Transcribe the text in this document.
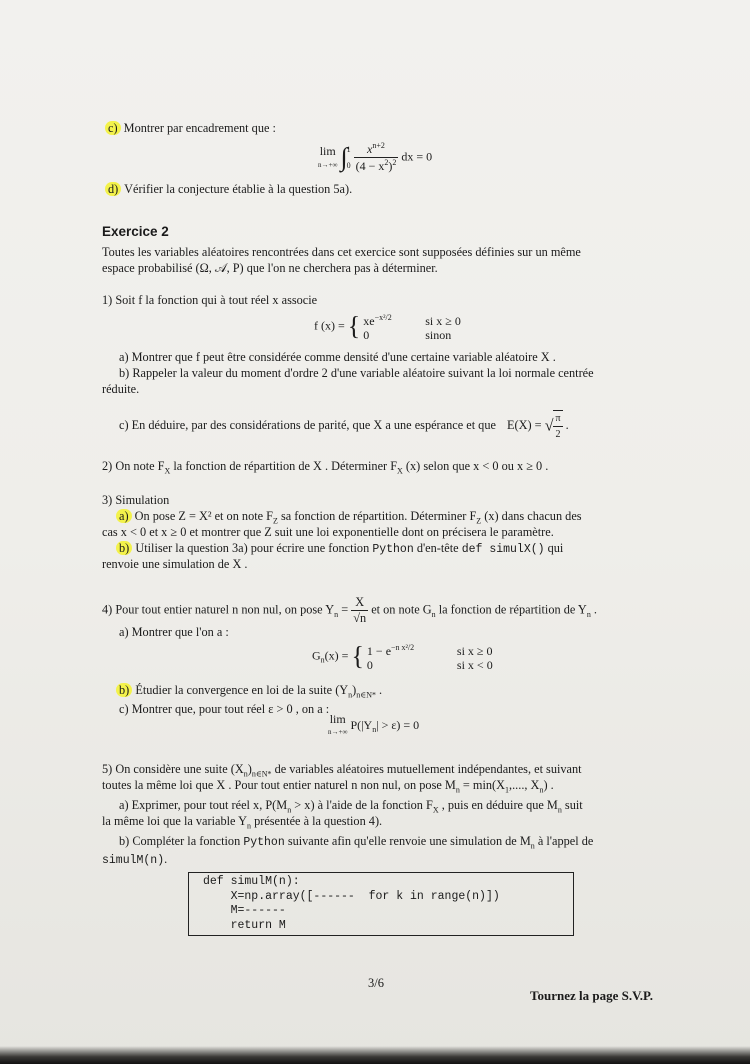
c) Montrer par encadrement que :
lim
n→+∞ ∫ 1
$0 \frac{x^{n+2}}{(4 - x^2)^2}$ dx = 0
d) Vérifier la conjecture établie à la question 5a).
Exercice 2
Toutes les variables aléatoires rencontrées dans cet exercice sont supposées définies sur un même
espace probabilisé (Ω, 𝒜, P) que l'on ne cherchera pas à déterminer.
1) Soit f la fonction qui à tout réel x associe
f (x) = { $xe^{-x^2/2}$	si x ≥ 0
0	sinon
a) Montrer que f peut être considérée comme densité d'une certaine variable aléatoire X .
b) Rappeler la valeur du moment d'ordre 2 d'une variable aléatoire suivant la loi normale centrée
réduite.
c) En déduire, par des considérations de parité, que X a une espérance et que E(X) = √ $\frac{\pi}{2}$ .
2) On note $F_X$ la fonction de répartition de X . Déterminer $F_X$ (x) selon que x < 0 ou x ≥ 0 .
3) Simulation
a) On pose Z = X² et on note $F_Z$ sa fonction de répartition. Déterminer $F_Z$ (x) dans chacun des
cas x < 0 et x ≥ 0 et montrer que Z suit une loi exponentielle dont on précisera le paramètre.
b) Utiliser la question 3a) pour écrire une fonction Python d'en-tête def simulX() qui
renvoie une simulation de X .
4) Pour tout entier naturel n non nul, on pose $Y_n = \frac{X}{√n}$ et on note $G_n$ la fonction de répartition de $Y_n$ .
a) Montrer que l'on a :
$G_n(x)$ = { $1 - e^{-n x^2/2}$	si x ≥ 0
0	si x < 0
b) Étudier la convergence en loi de la suite $(Y_n)_{n\in N*}$ .
c) Montrer que, pour tout réel ε > 0 , on a :
lim
n→+∞ $P(|Y_n| > \varepsilon) = 0$
5) On considère une suite $(X_n)_{n\in N*}$ de variables aléatoires mutuellement indépendantes, et suivant
toutes la même loi que X . Pour tout entier naturel n non nul, on pose $M_n = \min(X_1$,...., $X_n$) .
a) Exprimer, pour tout réel x, $P(M_n > x)$ à l'aide de la fonction $F_X$ , puis en déduire que $M_n$ suit
la même loi que la variable $Y_n$ présentée à la question 4).
b) Compléter la fonction Python suivante afin qu'elle renvoie une simulation de $M_n$ à l'appel de
simulM(n).
def simulM(n):
X=np.array([------  for k in range(n)])
M=------
return M
3/6
Tournez la page S.V.P.
